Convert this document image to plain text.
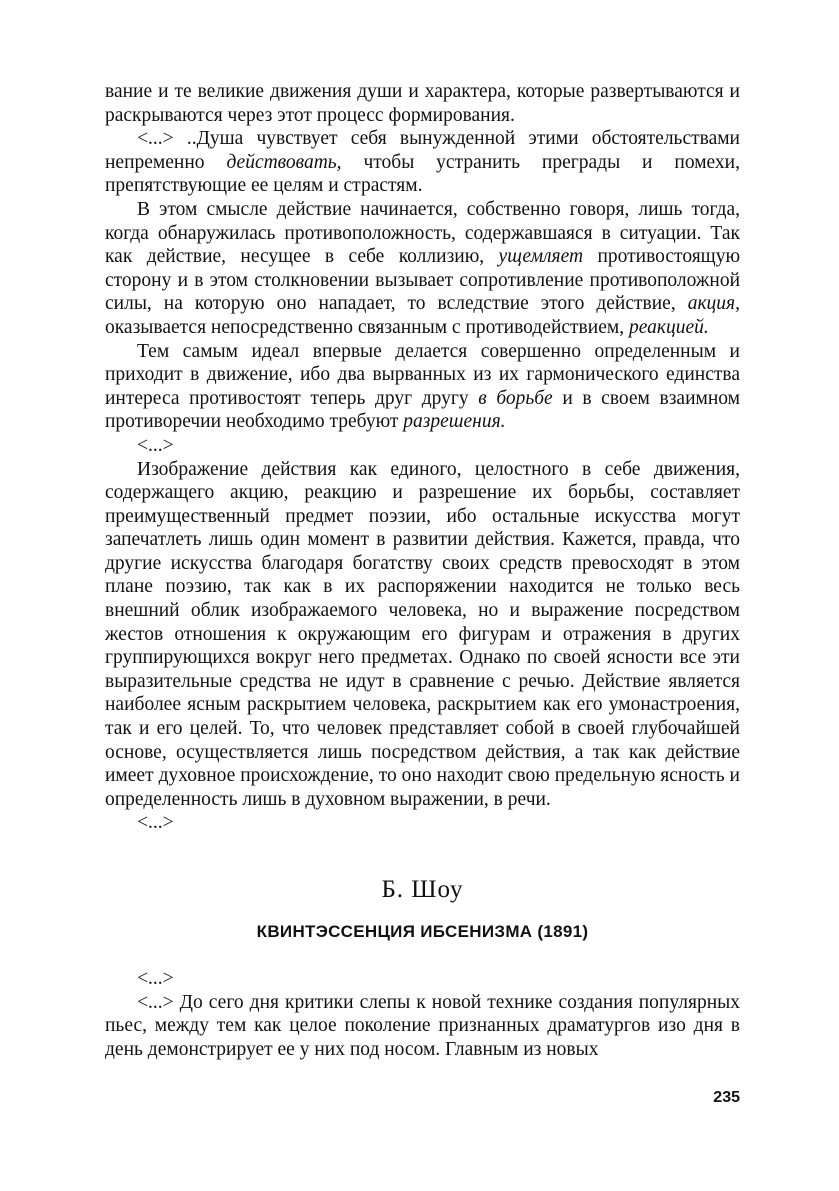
вание и те великие движения души и характера, которые развертываются и раскрываются через этот процесс формирования.

<...> ..Душа чувствует себя вынужденной этими обстоятельствами непременно действовать, чтобы устранить преграды и помехи, препятствующие ее целям и страстям.

В этом смысле действие начинается, собственно говоря, лишь тогда, когда обнаружилась противоположность, содержавшаяся в ситуации. Так как действие, несущее в себе коллизию, ущемляет противостоящую сторону и в этом столкновении вызывает сопротивление противоположной силы, на которую оно нападает, то вследствие этого действие, акция, оказывается непосредственно связанным с противодействием, реакцией.

Тем самым идеал впервые делается совершенно определенным и приходит в движение, ибо два вырванных из их гармонического единства интереса противостоят теперь друг другу в борьбе и в своем взаимном противоречии необходимо требуют разрешения.

<...>

Изображение действия как единого, целостного в себе движения, содержащего акцию, реакцию и разрешение их борьбы, составляет преимущественный предмет поэзии, ибо остальные искусства могут запечатлеть лишь один момент в развитии действия. Кажется, правда, что другие искусства благодаря богатству своих средств превосходят в этом плане поэзию, так как в их распоряжении находится не только весь внешний облик изображаемого человека, но и выражение посредством жестов отношения к окружающим его фигурам и отражения в других группирующихся вокруг него предметах. Однако по своей ясности все эти выразительные средства не идут в сравнение с речью. Действие является наиболее ясным раскрытием человека, раскрытием как его умонастроения, так и его целей. То, что человек представляет собой в своей глубочайшей основе, осуществляется лишь посредством действия, а так как действие имеет духовное происхождение, то оно находит свою предельную ясность и определенность лишь в духовном выражении, в речи.

<...>

Б. Шоу
КВИНТЭССЕНЦИЯ ИБСЕНИЗМА (1891)

<...>

<...> До сего дня критики слепы к новой технике создания популярных пьес, между тем как целое поколение признанных драматургов изо дня в день демонстрирует ее у них под носом. Главным из новых

235
